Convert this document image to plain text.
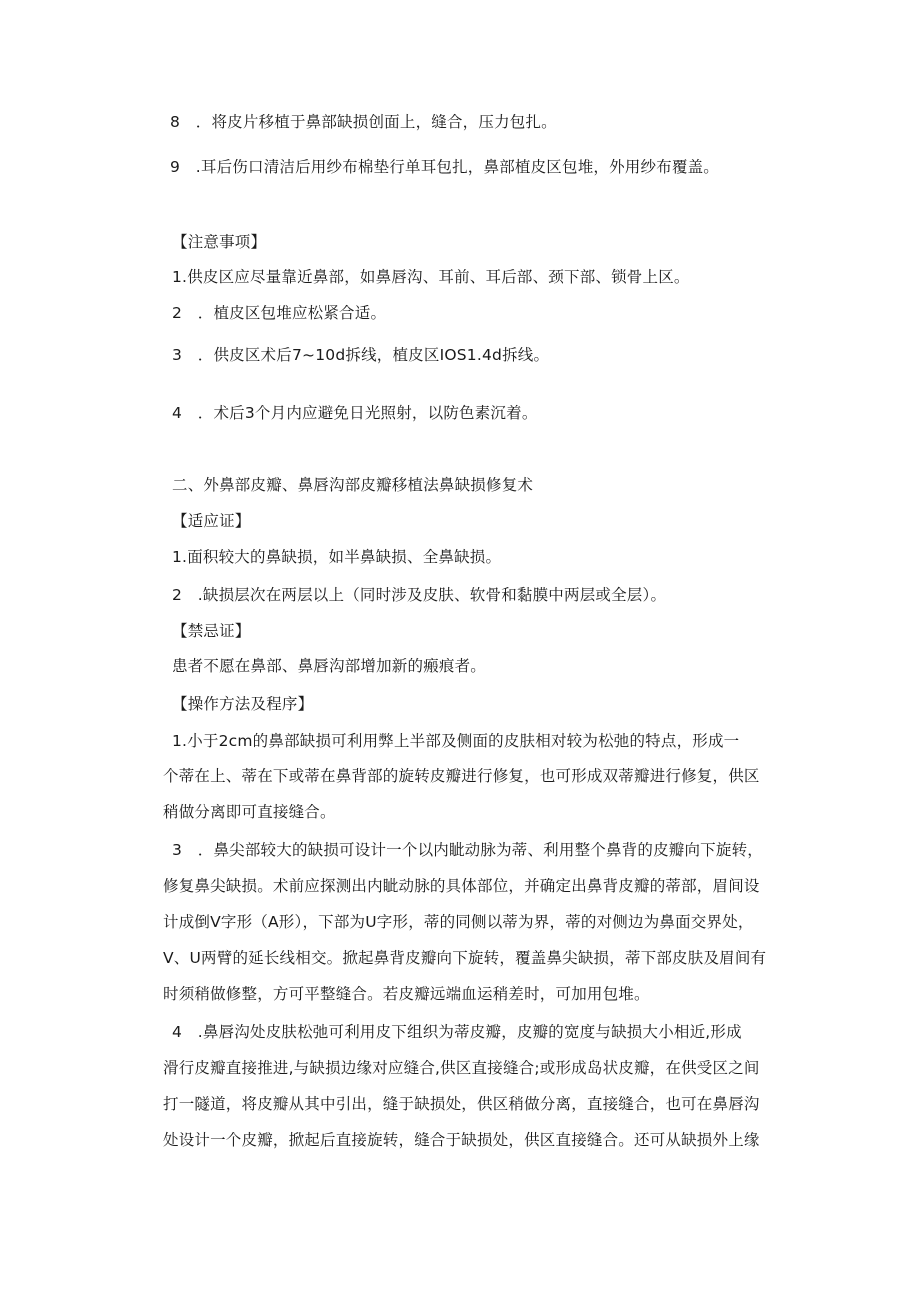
8　．将皮片移植于鼻部缺损创面上，缝合，压力包扎。
9　.耳后伤口清洁后用纱布棉垫行单耳包扎，鼻部植皮区包堆，外用纱布覆盖。
【注意事项】
1.供皮区应尽量靠近鼻部，如鼻唇沟、耳前、耳后部、颈下部、锁骨上区。
2　．植皮区包堆应松紧合适。
3　．供皮区术后7~10d拆线，植皮区IOS1.4d拆线。
4　．术后3个月内应避免日光照射，以防色素沉着。
二、外鼻部皮瓣、鼻唇沟部皮瓣移植法鼻缺损修复术
【适应证】
1.面积较大的鼻缺损，如半鼻缺损、全鼻缺损。
2　.缺损层次在两层以上（同时涉及皮肤、软骨和黏膜中两层或全层）。
【禁忌证】
患者不愿在鼻部、鼻唇沟部增加新的瘢痕者。
【操作方法及程序】
1.小于2cm的鼻部缺损可利用弊上半部及侧面的皮肤相对较为松弛的特点，形成一
个蒂在上、蒂在下或蒂在鼻背部的旋转皮瓣进行修复，也可形成双蒂瓣进行修复，供区
稍做分离即可直接缝合。
3　．鼻尖部较大的缺损可设计一个以内眦动脉为蒂、利用整个鼻背的皮瓣向下旋转，
修复鼻尖缺损。术前应探测出内眦动脉的具体部位，并确定出鼻背皮瓣的蒂部，眉间设
计成倒V字形（A形），下部为U字形，蒂的同侧以蒂为界，蒂的对侧边为鼻面交界处，
V、U两臂的延长线相交。掀起鼻背皮瓣向下旋转，覆盖鼻尖缺损，蒂下部皮肤及眉间有
时须稍做修整，方可平整缝合。若皮瓣远端血运稍差时，可加用包堆。
4　.鼻唇沟处皮肤松弛可利用皮下组织为蒂皮瓣，皮瓣的宽度与缺损大小相近,形成
滑行皮瓣直接推进,与缺损边缘对应缝合,供区直接缝合;或形成岛状皮瓣，在供受区之间
打一隧道，将皮瓣从其中引出，缝于缺损处，供区稍做分离，直接缝合，也可在鼻唇沟
处设计一个皮瓣，掀起后直接旋转，缝合于缺损处，供区直接缝合。还可从缺损外上缘
